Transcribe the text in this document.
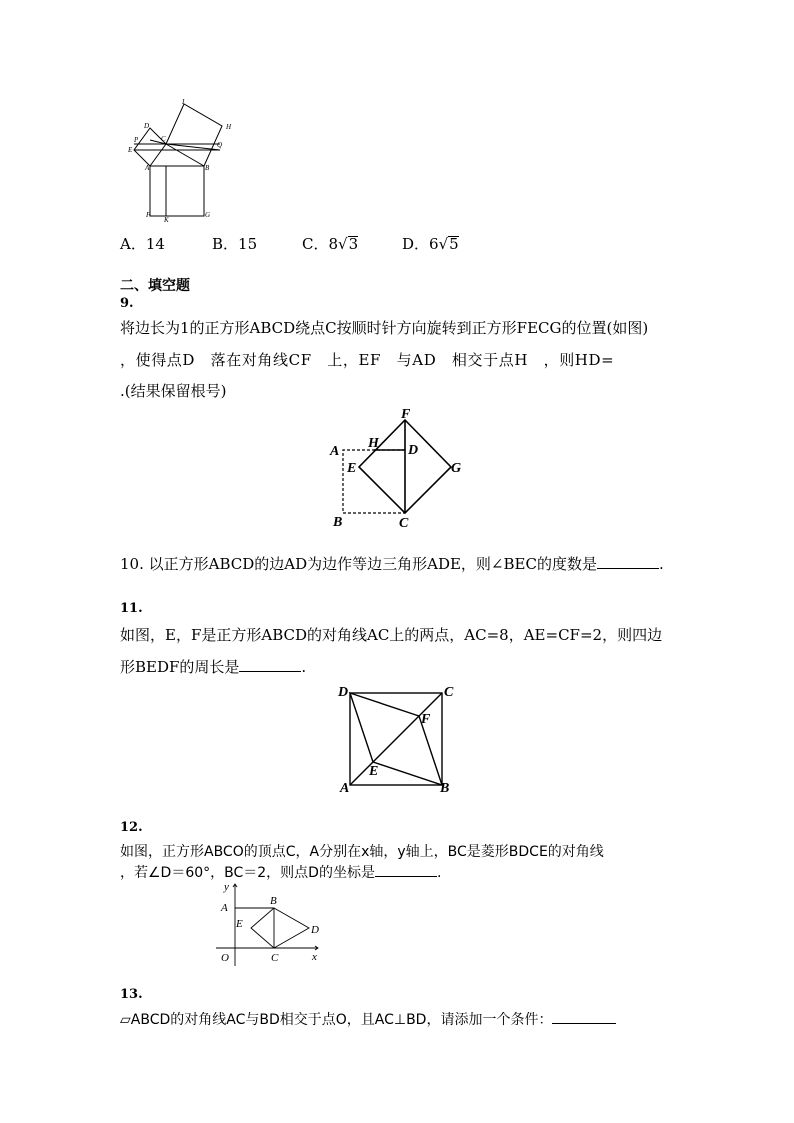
I
H
D
P	C
Q
E
A	B
F
K
G
A．14	B．15	C．8√3	D．6√5
二、填空题
9.
将边长为1的正方形ABCD绕点C按顺时针方向旋转到正方形FECG的位置(如图)
，使得点D　落在对角线CF　上，EF　与AD　相交于点H　，则HD=
.(结果保留根号)
F
H D
A
E	G
B	C
10. 以正方形ABCD的边AD为边作等边三角形ADE，则∠BEC的度数是	.
11.
如图，E，F是正方形ABCD的对角线AC上的两点，AC=8，AE=CF=2，则四边
形BEDF的周长是	.
D	C
F
E
A	B
12.
如图，正方形ABCO的顶点C，A分别在x轴，y轴上，BC是菱形BDCE的对角线
，若∠D＝60°，BC＝2，则点D的坐标是	.
y
A
B
E	D
O	C	x
13.
▱ABCD的对角线AC与BD相交于点O，且AC⊥BD，请添加一个条件：
